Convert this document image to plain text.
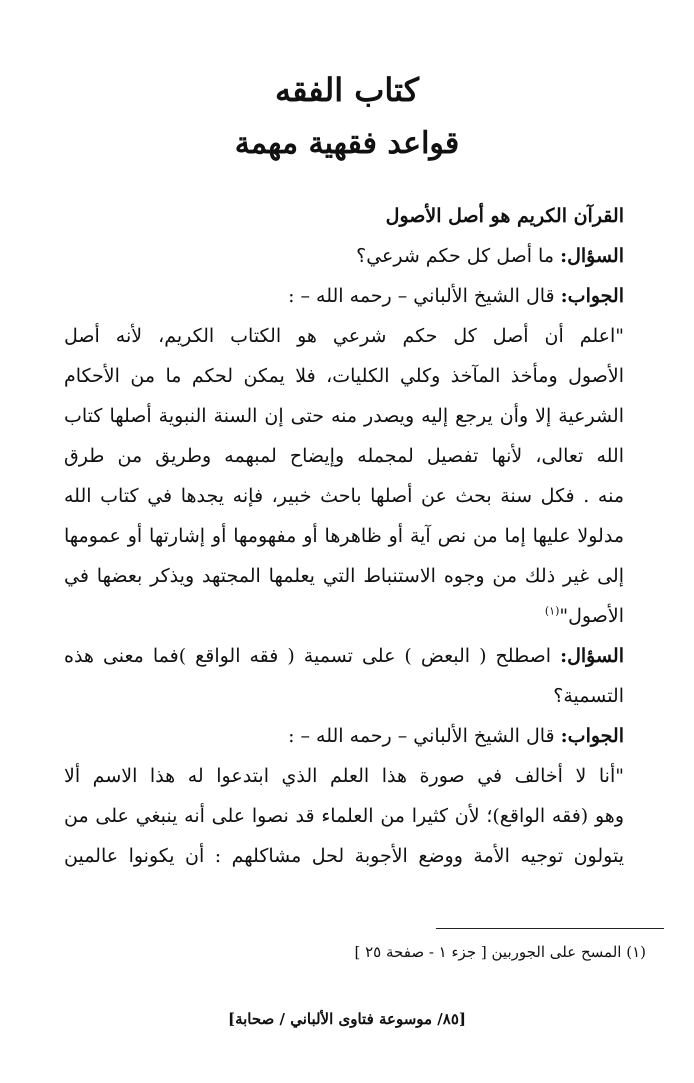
كتاب الفقه
قواعد فقهية مهمة
القرآن الكريم هو أصل الأصول
السؤال: ما أصل كل حكم شرعي؟
الجواب: قال الشيخ الألباني – رحمه الله – :
"اعلم أن أصل كل حكم شرعي هو الكتاب الكريم، لأنه أصل
الأصول ومأخذ المآخذ وكلي الكليات، فلا يمكن لحكم ما من الأحكام
الشرعية إلا وأن يرجع إليه ويصدر منه حتى إن السنة النبوية أصلها كتاب
الله تعالى، لأنها تفصيل لمجمله وإيضاح لمبهمه وطريق من طرق
منه . فكل سنة بحث عن أصلها باحث خبير، فإنه يجدها في كتاب الله
مدلولا عليها إما من نص آية أو ظاهرها أو مفهومها أو إشارتها أو عمومها
إلى غير ذلك من وجوه الاستنباط التي يعلمها المجتهد ويذكر بعضها في
الأصول"$^{(١)}$
السؤال: اصطلح ( البعض ) على تسمية ( فقه الواقع )فما معنى هذه
التسمية؟
الجواب: قال الشيخ الألباني – رحمه الله – :
"أنا لا أخالف في صورة هذا العلم الذي ابتدعوا له هذا الاسم ألا
وهو (فقه الواقع)؛ لأن كثيرا من العلماء قد نصوا على أنه ينبغي على من
يتولون توجيه الأمة ووضع الأجوبة لحل مشاكلهم : أن يكونوا عالمين
(١) المسح على الجوربين [ جزء ١ - صفحة ٢٥ ]
[٨٥/ موسوعة فتاوى الألباني / صحابة]
